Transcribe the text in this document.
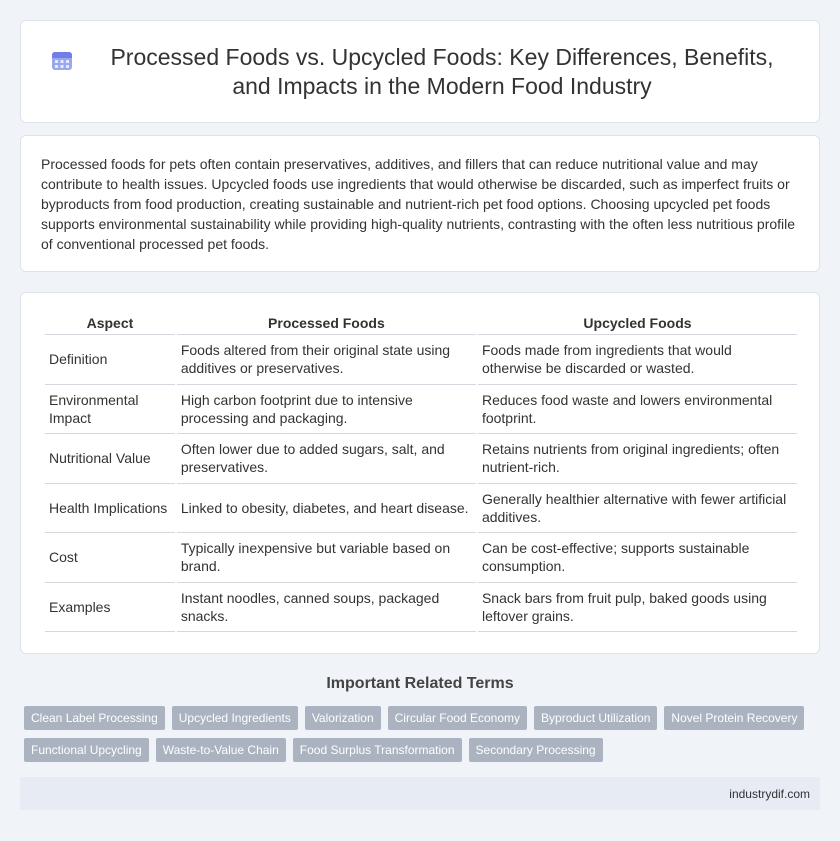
Processed Foods vs. Upcycled Foods: Key Differences, Benefits, and Impacts in the Modern Food Industry

Processed foods for pets often contain preservatives, additives, and fillers that can reduce nutritional value and may contribute to health issues. Upcycled foods use ingredients that would otherwise be discarded, such as imperfect fruits or byproducts from food production, creating sustainable and nutrient-rich pet food options. Choosing upcycled pet foods supports environmental sustainability while providing high-quality nutrients, contrasting with the often less nutritious profile of conventional processed pet foods.

Aspect	Processed Foods	Upcycled Foods
Definition	Foods altered from their original state using additives or preservatives.	Foods made from ingredients that would otherwise be discarded or wasted.
Environmental Impact	High carbon footprint due to intensive processing and packaging.	Reduces food waste and lowers environmental footprint.
Nutritional Value	Often lower due to added sugars, salt, and preservatives.	Retains nutrients from original ingredients; often nutrient-rich.
Health Implications	Linked to obesity, diabetes, and heart disease.	Generally healthier alternative with fewer artificial additives.
Cost	Typically inexpensive but variable based on brand.	Can be cost-effective; supports sustainable consumption.
Examples	Instant noodles, canned soups, packaged snacks.	Snack bars from fruit pulp, baked goods using leftover grains.
Important Related Terms
Clean Label Processing	Upcycled Ingredients	Valorization	Circular Food Economy	Byproduct Utilization	Novel Protein Recovery
Functional Upcycling	Waste-to-Value Chain	Food Surplus Transformation	Secondary Processing
industrydif.com
